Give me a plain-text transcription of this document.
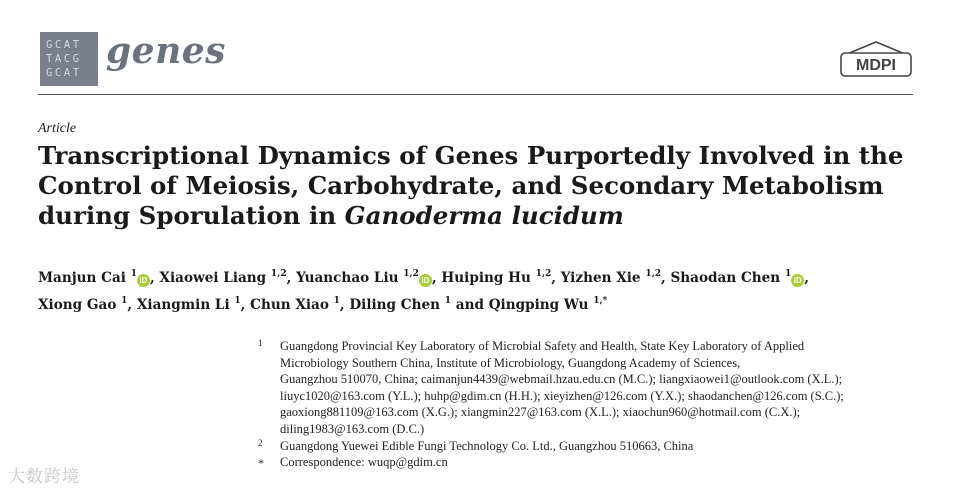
GCAT
TACG
GCAT
genes	MDPI
Article
Transcriptional Dynamics of Genes Purportedly Involved in the Control of Meiosis, Carbohydrate, and Secondary Metabolism during Sporulation in Ganoderma lucidum
Manjun Cai $^1$iD , Xiaowei Liang $^{1,2}$, Yuanchao Liu $^{1,2}$iD , Huiping Hu $^{1,2}$, Yizhen Xie $^{1,2}$, Shaodan Chen $^1$iD ,
Xiong Gao $^1$, Xiangmin Li $^1$, Chun Xiao $^1$, Diling Chen $^1$ and Qingping Wu $^{1,*}$
1 Guangdong Provincial Key Laboratory of Microbial Safety and Health, State Key Laboratory of Applied
Microbiology Southern China, Institute of Microbiology, Guangdong Academy of Sciences,
Guangzhou 510070, China; caimanjun4439@webmail.hzau.edu.cn (M.C.); liangxiaowei1@outlook.com (X.L.);
liuyc1020@163.com (Y.L.); huhp@gdim.cn (H.H.); xieyizhen@126.com (Y.X.); shaodanchen@126.com (S.C.);
gaoxiong881109@163.com (X.G.); xiangmin227@163.com (X.L.); xiaochun960@hotmail.com (C.X.);
diling1983@163.com (D.C.)
2 Guangdong Yuewei Edible Fungi Technology Co. Ltd., Guangzhou 510663, China
* Correspondence: wuqp@gdim.cn
大数跨境
